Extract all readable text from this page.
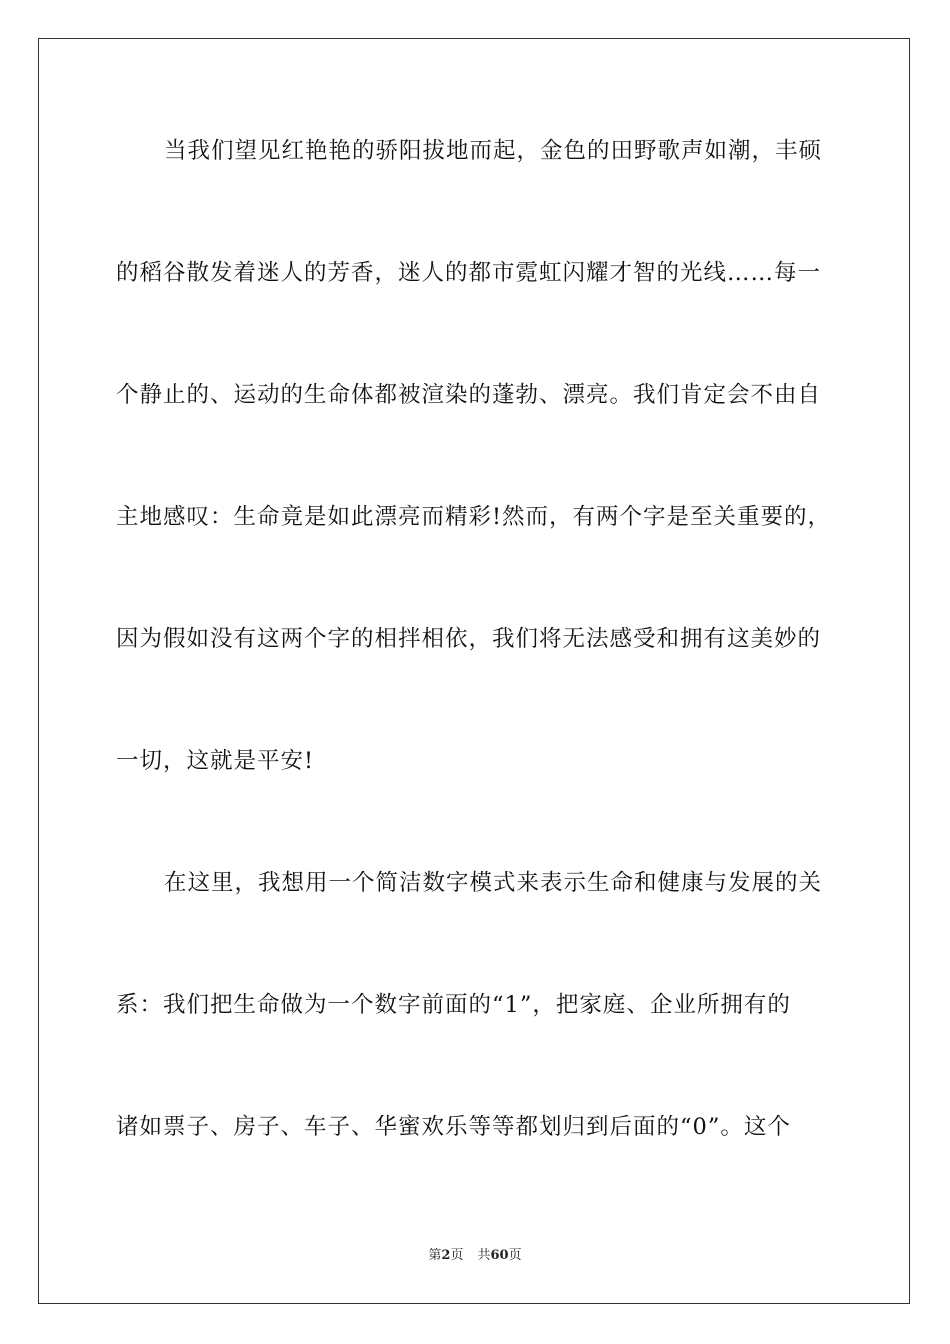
当我们望见红艳艳的骄阳拔地而起，金色的田野歌声如潮，丰硕
的稻谷散发着迷人的芳香，迷人的都市霓虹闪耀才智的光线……每一
个静止的、运动的生命体都被渲染的蓬勃、漂亮。我们肯定会不由自
主地感叹：生命竟是如此漂亮而精彩!然而，有两个字是至关重要的，
因为假如没有这两个字的相拌相依，我们将无法感受和拥有这美妙的
一切，这就是平安!
在这里，我想用一个简洁数字模式来表示生命和健康与发展的关
系：我们把生命做为一个数字前面的“1”，把家庭、企业所拥有的
诸如票子、房子、车子、华蜜欢乐等等都划归到后面的“0”。这个
第2页 共60页
